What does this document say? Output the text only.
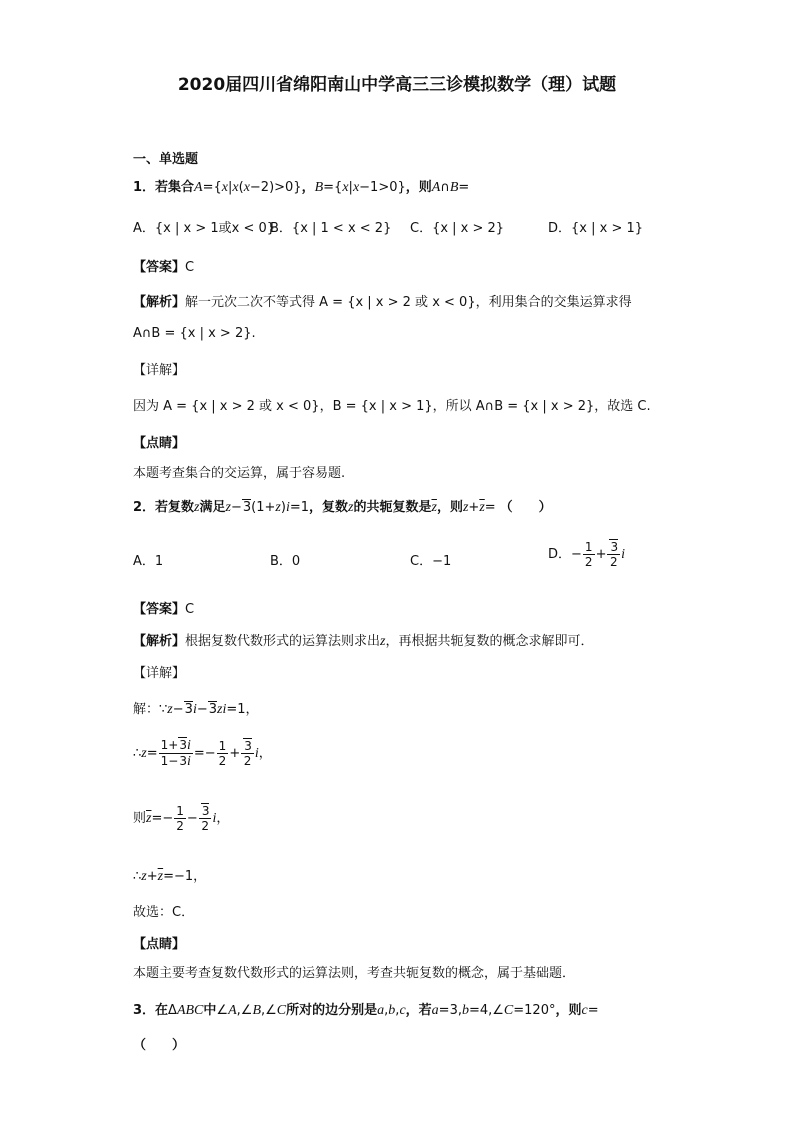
2020届四川省绵阳南山中学高三三诊模拟数学（理）试题
一、单选题
1．若集合A={x|x(x−2)>0}，B={x|x−1>0}，则A∩B=
A．{x | x > 1或x < 0}
B．{x | 1 < x < 2} C．{x | x > 2}	D．{x | x > 1}
【答案】C
【解析】解一元次二次不等式得 A = {x | x > 2 或 x < 0}，利用集合的交集运算求得
A∩B = {x | x > 2}.
【详解】
因为 A = {x | x > 2 或 x < 0}，B = {x | x > 1}，所以 A∩B = {x | x > 2}，故选 C.
【点睛】
本题考查集合的交运算，属于容易题.
2．若复数z满足z−3(1+z)i=1，复数z的共轭复数是$\overline{z}$，则$z+\overline{z}=$ （　　）
A．1	B．0	C．−1	D．− $\frac{1}{2} + \frac{3}{2}$ i
【答案】C
【解析】根据复数代数形式的运算法则求出z，再根据共轭复数的概念求解即可．
【详解】
解：∵z−3i−3zi=1，
∴z= $\frac{1+3i}{1-3i} =- \frac{1}{2} + \frac{3}{2}$ i，
则$\overline{z}=- \frac{1}{2} - \frac{3}{2}$ i，
$\therefore z+\overline{z}=-1$，
故选：C．
【点睛】
本题主要考查复数代数形式的运算法则，考查共轭复数的概念，属于基础题．
3．在ΔABC中∠A,∠B,∠C所对的边分别是a,b,c，若a=3,b=4,∠C=120°，则c=
（　　）
